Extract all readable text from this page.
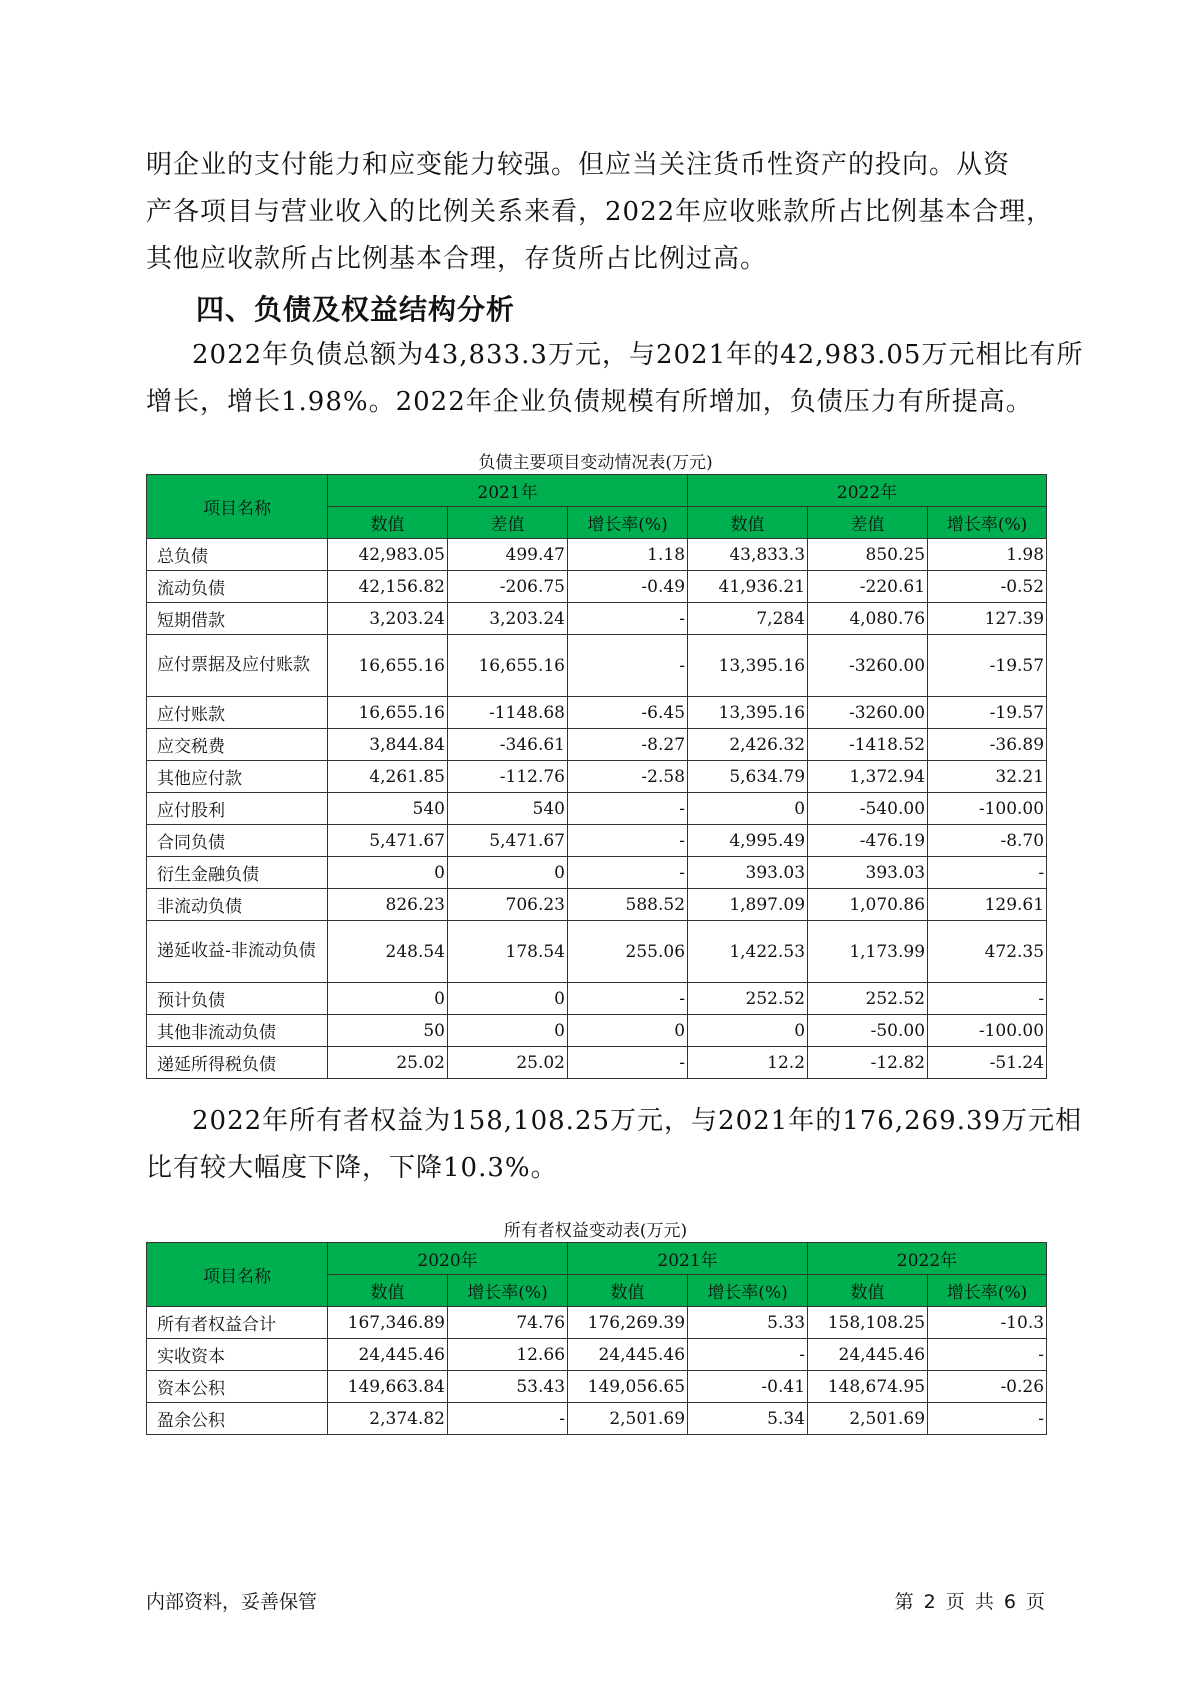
明企业的支付能力和应变能力较强。但应当关注货币性资产的投向。从资
产各项目与营业收入的比例关系来看，2022年应收账款所占比例基本合理，
其他应收款所占比例基本合理，存货所占比例过高。

四、负债及权益结构分析

2022年负债总额为43,833.3万元，与2021年的42,983.05万元相比有所
增长，增长1.98%。2022年企业负债规模有所增加，负债压力有所提高。

负债主要项目变动情况表(万元)

项目名称	2021年			2022年		
	数值	差值	增长率(%)	数值	差值	增长率(%)
总负债	42,983.05	499.47	1.18	43,833.3	850.25	1.98
流动负债	42,156.82	-206.75	-0.49	41,936.21	-220.61	-0.52
短期借款	3,203.24	3,203.24	-	7,284	4,080.76	127.39
应付票据及应付账款	16,655.16	16,655.16	-	13,395.16	-3260.00	-19.57
应付账款	16,655.16	-1148.68	-6.45	13,395.16	-3260.00	-19.57
应交税费	3,844.84	-346.61	-8.27	2,426.32	-1418.52	-36.89
其他应付款	4,261.85	-112.76	-2.58	5,634.79	1,372.94	32.21
应付股利	540	540	-	0	-540.00	-100.00
合同负债	5,471.67	5,471.67	-	4,995.49	-476.19	-8.70
衍生金融负债	0	0	-	393.03	393.03	-
非流动负债	826.23	706.23	588.52	1,897.09	1,070.86	129.61
递延收益-非流动负债	248.54	178.54	255.06	1,422.53	1,173.99	472.35
预计负债	0	0	-	252.52	252.52	-
其他非流动负债	50	0	0	0	-50.00	-100.00
递延所得税负债	25.02	25.02	-	12.2	-12.82	-51.24

2022年所有者权益为158,108.25万元，与2021年的176,269.39万元相
比有较大幅度下降，下降10.3%。

所有者权益变动表(万元)

项目名称	2020年		2021年		2022年	
	数值	增长率(%)	数值	增长率(%)	数值	增长率(%)
所有者权益合计	167,346.89	74.76	176,269.39	5.33	158,108.25	-10.3
实收资本	24,445.46	12.66	24,445.46	-	24,445.46	-
资本公积	149,663.84	53.43	149,056.65	-0.41	148,674.95	-0.26
盈余公积	2,374.82	-	2,501.69	5.34	2,501.69	-

内部资料，妥善保管	第 2 页 共 6 页
